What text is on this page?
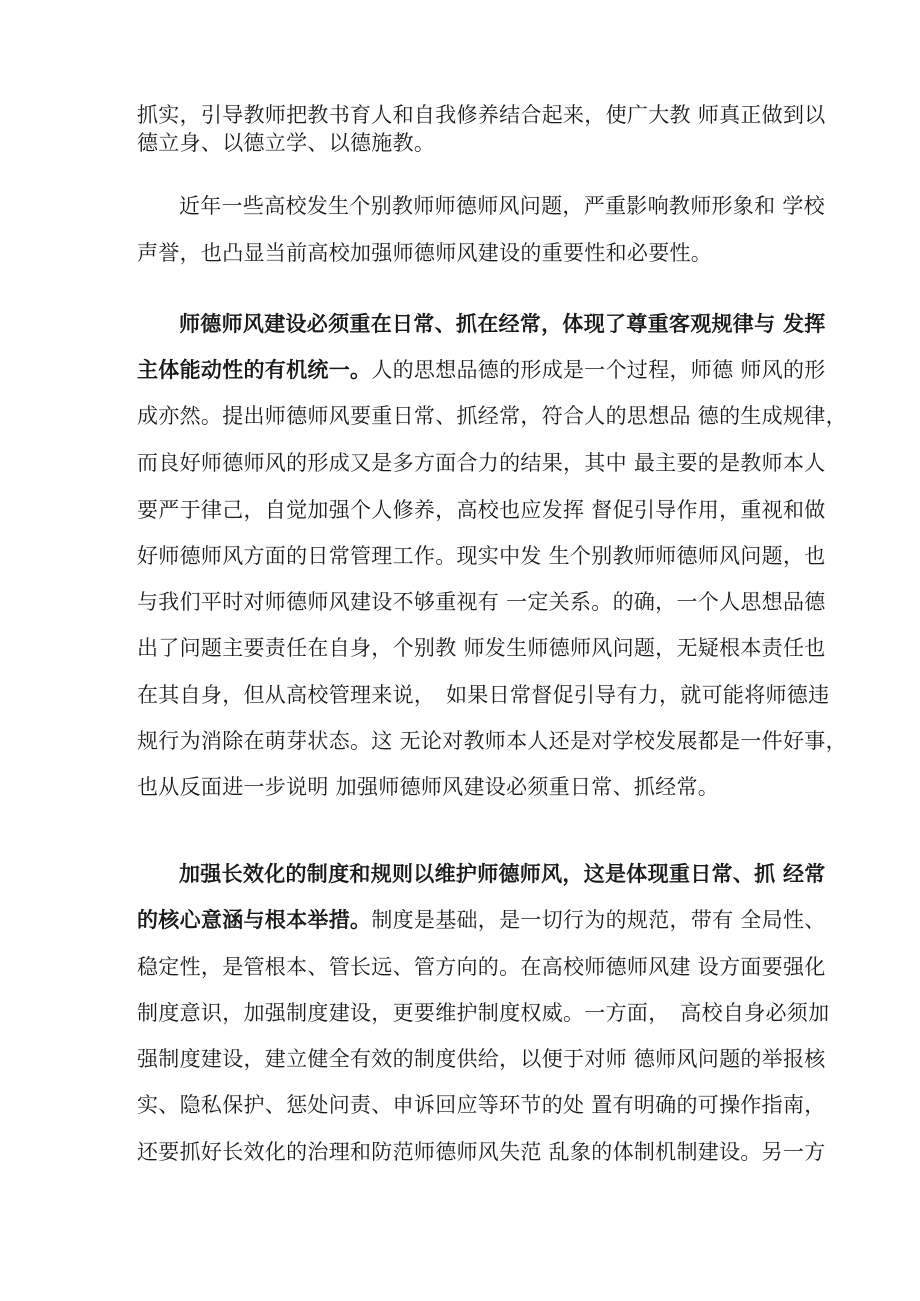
抓实，引导教师把教书育人和自我修养结合起来，使广大教 师真正做到以
德立身、以德立学、以德施教。
近年一些高校发生个别教师师德师风问题，严重影响教师形象和 学校
声誉，也凸显当前高校加强师德师风建设的重要性和必要性。
师德师风建设必须重在日常、抓在经常，体现了尊重客观规律与 发挥
主体能动性的有机统一。人的思想品德的形成是一个过程，师德 师风的形
成亦然。提出师德师风要重日常、抓经常，符合人的思想品 德的生成规律，
而良好师德师风的形成又是多方面合力的结果，其中 最主要的是教师本人
要严于律己，自觉加强个人修养，高校也应发挥 督促引导作用，重视和做
好师德师风方面的日常管理工作。现实中发 生个别教师师德师风问题，也
与我们平时对师德师风建设不够重视有 一定关系。的确，一个人思想品德
出了问题主要责任在自身，个别教 师发生师德师风问题，无疑根本责任也
在其自身，但从高校管理来说，　如果日常督促引导有力，就可能将师德违
规行为消除在萌芽状态。这 无论对教师本人还是对学校发展都是一件好事，
也从反面进一步说明 加强师德师风建设必须重日常、抓经常。
加强长效化的制度和规则以维护师德师风，这是体现重日常、抓 经常
的核心意涵与根本举措。制度是基础，是一切行为的规范，带有 全局性、
稳定性，是管根本、管长远、管方向的。在高校师德师风建 设方面要强化
制度意识，加强制度建设，更要维护制度权威。一方面，　高校自身必须加
强制度建设，建立健全有效的制度供给，以便于对师 德师风问题的举报核
实、隐私保护、惩处问责、申诉回应等环节的处 置有明确的可操作指南，
还要抓好长效化的治理和防范师德师风失范 乱象的体制机制建设。另一方
